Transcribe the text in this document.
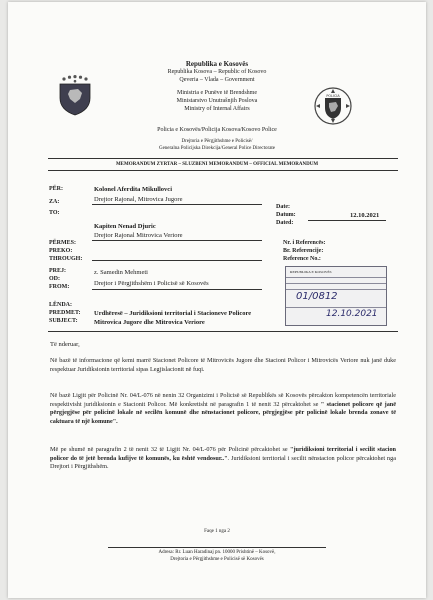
POLICIA
Republika e Kosovës
Republika Kosova – Republic of Kosovo
Qeveria – Vlada – Government
Ministria e Punëve të Brendshme
Ministarstvo Unutrašnjih Poslova
Ministry of Internal Affairs
Policia e Kosovës/Policija Kosova/Kosovo Police
Drejtoria e Përgjithshme e Policisë/
Generalna Policijska Direkcija/General Police Directorate
MEMORANDUM ZYRTAR – SLUZBENI MEMORANDUM – OFFICIAL MEMORANDUM
PËR:
ZA:
TO:
Kolonel Aferdita Mikullovci
Drejtor Rajonal, Mitrovica Jugore
Kapiten Nenad Djuric
Drejtor Rajonal Mitrovica Veriore
Date:
Datum:	12.10.2021
Dated:
PËRMES:
PREKO:
THROUGH:
Nr. i Referencës:
Br. Referencije:
Reference No.:
PREJ:
OD:
FROM:
z. Samedin Mehmeti
Drejtor i Përgjithshëm i Policisë së Kosovës
REPUBLIKA E KOSOVËS
01/0812
12.10.2021
LËNDA:
PREDMET:
SUBJECT:
Urdhëresë – Juridiksioni territorial i Stacioneve Policore
Mitrovica Jugore dhe Mitrovica Veriore
Të nderuar,
Në bazë të informacione që kemi marrë Stacionet Policore të Mitrovicës Jugore dhe Stacioni Policor i Mitrovicës Veriore nuk janë duke respektuar Juridiksionin territorial sipas Legjislacionit në fuqi.
Në bazë Ligjit për Policinë Nr. 04/L-076 në nenin 32 Organizimi i Policisë së Republikës së Kosovës përcakton kompetencën territoriale respektivisht juridiksionin e Stacionit Policor. Më konkretisht në paragrafin 1 të nenit 32 përcaktohet se " stacionet policore që janë përgjegjëse për policinë lokale në secilën komunë dhe nënstacionet policore, përgjegjëse për policinë lokale brenda zonave të caktuara të një komune".
Më pe shumë në paragrafin 2 të nenit 32 të Ligjit Nr. 04/L-076 për Policinë përcaktohet se "juridiksioni territorial i secilit stacion policor do të jetë brenda kufijve të komunës, ku është vendosur..". Juridiksioni territorial i secilit nënstacion policor përcaktohet nga Drejtori i Përgjithshëm.
Faqe 1 nga 2
Adresa: Rr. Luan Haradinaj pn. 10000 Prishtinë – Kosovë,
Drejtoria e Përgjithshme e Policisë së Kosovës
